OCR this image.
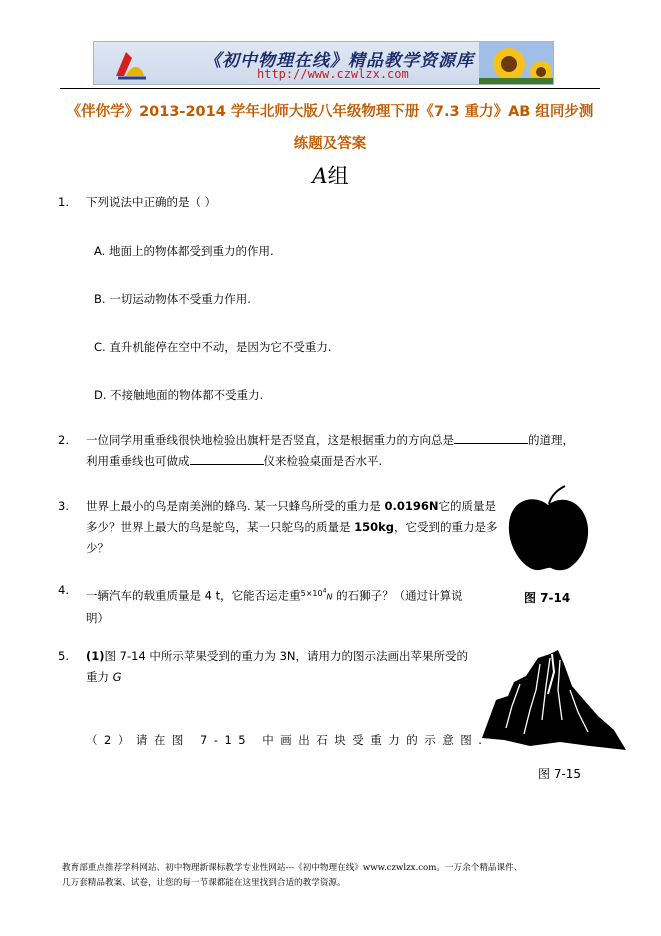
《初中物理在线》精品教学资源库
http://www.czwlzx.com
《伴你学》2013-2014 学年北师大版八年级物理下册《7.3 重力》AB 组同步测
练题及答案
A组
1. 下列说法中正确的是（ ）
A. 地面上的物体都受到重力的作用.
B. 一切运动物体不受重力作用.
C. 直升机能停在空中不动，是因为它不受重力.
D. 不接触地面的物体都不受重力.
2. 一位同学用重垂线很快地检验出旗杆是否竖直，这是根据重力的方向总是	的道理，
利用重垂线也可做成	仪来检验桌面是否水平.
3. 世界上最小的鸟是南美洲的蜂鸟. 某一只蜂鸟所受的重力是 0.0196N它的质量是
多少？世界上最大的鸟是鸵鸟，某一只鸵鸟的质量是 150kg，它受到的重力是多
少？
图 7-14
4. 一辆汽车的载重质量是 4 t，它能否运走重$^{5\times 10^4}$N 的石狮子？（通过计算说
明）
5. (1)图 7-14 中所示苹果受到的重力为 3N，请用力的图示法画出苹果所受的
重力 G
（2）请在图 7-15 中画出石块受重力的示意图.
图 7-15
教育部重点推荐学科网站、初中物理新课标教学专业性网站---《初中物理在线》www.czwlzx.com。一万余个精品课件、
几万套精品教案、试卷，让您的每一节课都能在这里找到合适的教学资源。
